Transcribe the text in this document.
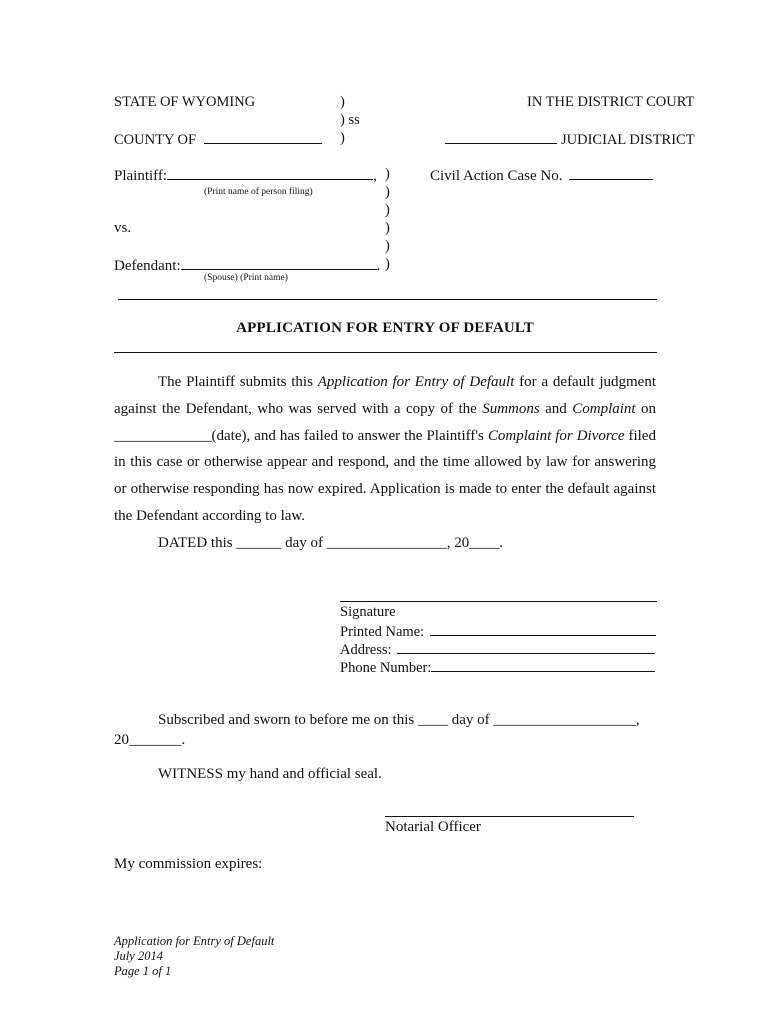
STATE OF WYOMING	)
) ss
COUNTY OF	)
IN THE DISTRICT COURT
JUDICIAL DISTRICT
Plaintiff:	, )	Civil Action Case No.
(Print name of person filing)	)
)
vs.	)
)
Defendant:	. )
(Spouse) (Print name)
APPLICATION FOR ENTRY OF DEFAULT

The Plaintiff submits this Application for Entry of Default for a default judgment against the Defendant, who was served with a copy of the Summons and Complaint on _____________(date), and has failed to answer the Plaintiff's Complaint for Divorce filed in this case or otherwise appear and respond, and the time allowed by law for answering or otherwise responding has now expired. Application is made to enter the default against the Defendant according to law.

DATED this ______ day of ________________, 20____.
Signature
Printed Name:
Address:
Phone Number:
Subscribed and sworn to before me on this ____ day of ___________________,
20_______.
WITNESS my hand and official seal.
Notarial Officer
My commission expires:
Application for Entry of Default
July 2014
Page 1 of 1
